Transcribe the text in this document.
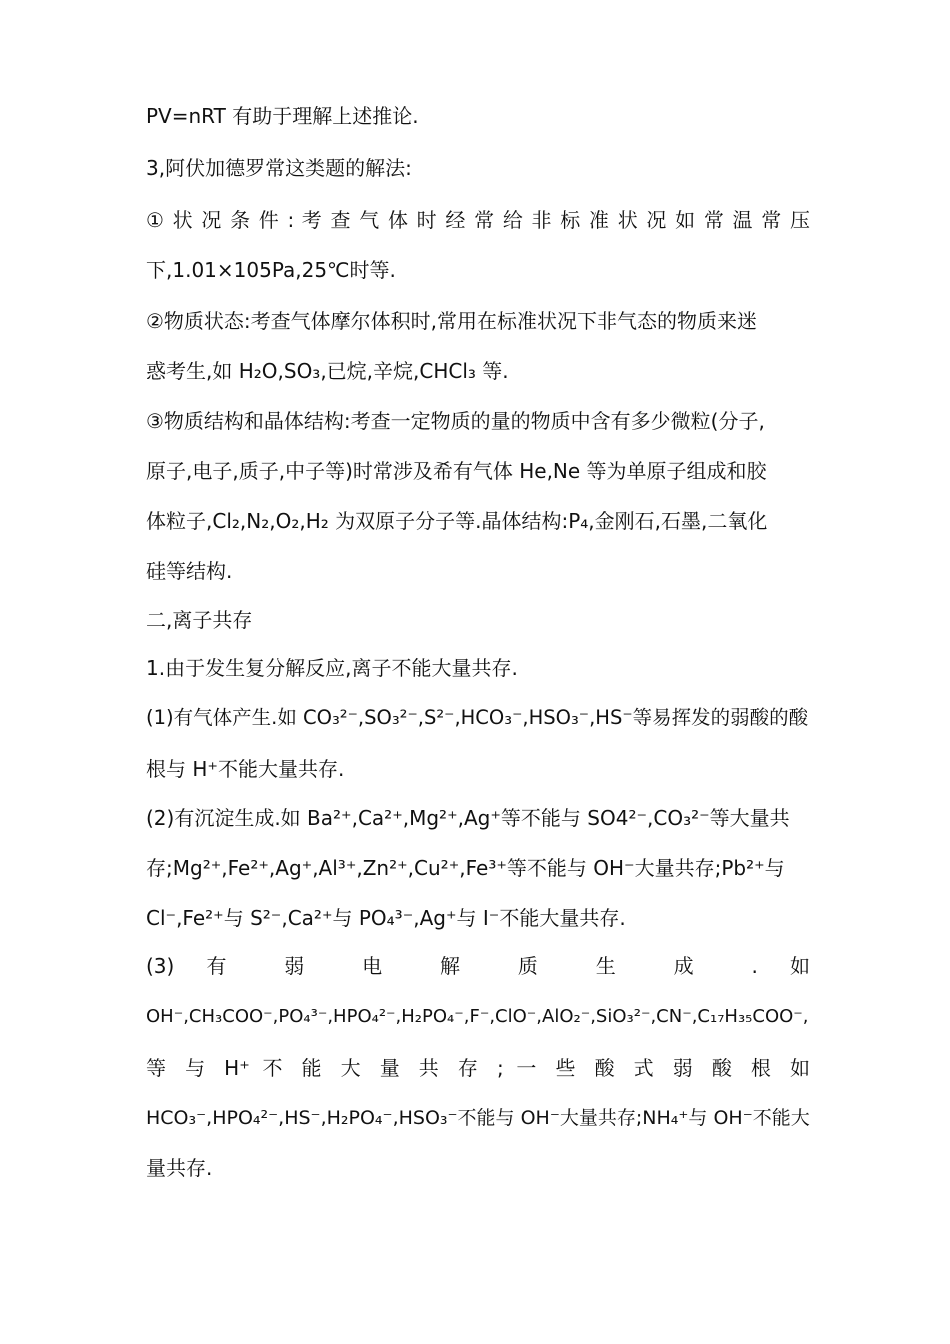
PV=nRT 有助于理解上述推论.
3,阿伏加德罗常这类题的解法:
① 状 况 条 件 : 考 查 气 体 时 经 常 给 非 标 准 状 况 如 常 温 常 压
下,1.01×105Pa,25℃时等.
②物质状态:考查气体摩尔体积时,常用在标准状况下非气态的物质来迷
惑考生,如 H₂O,SO₃,已烷,辛烷,CHCl₃ 等.
③物质结构和晶体结构:考查一定物质的量的物质中含有多少微粒(分子,
原子,电子,质子,中子等)时常涉及希有气体 He,Ne 等为单原子组成和胶
体粒子,Cl₂,N₂,O₂,H₂ 为双原子分子等.晶体结构:P₄,金刚石,石墨,二氧化
硅等结构.
二,离子共存
1.由于发生复分解反应,离子不能大量共存.
(1)有气体产生.如 CO₃²⁻,SO₃²⁻,S²⁻,HCO₃⁻,HSO₃⁻,HS⁻等易挥发的弱酸的酸
根与 H⁺不能大量共存.
(2)有沉淀生成.如 Ba²⁺,Ca²⁺,Mg²⁺,Ag⁺等不能与 SO4²⁻,CO₃²⁻等大量共
存;Mg²⁺,Fe²⁺,Ag⁺,Al³⁺,Zn²⁺,Cu²⁺,Fe³⁺等不能与 OH⁻大量共存;Pb²⁺与
Cl⁻,Fe²⁺与 S²⁻,Ca²⁺与 PO₄³⁻,Ag⁺与 I⁻不能大量共存.
(3) 有 弱 电 解 质 生 成 . 如
OH⁻,CH₃COO⁻,PO₄³⁻,HPO₄²⁻,H₂PO₄⁻,F⁻,ClO⁻,AlO₂⁻,SiO₃²⁻,CN⁻,C₁₇H₃₅COO⁻,
等 与 H⁺ 不 能 大 量 共 存 ; 一 些 酸 式 弱 酸 根 如
HCO₃⁻,HPO₄²⁻,HS⁻,H₂PO₄⁻,HSO₃⁻不能与 OH⁻大量共存;NH₄⁺与 OH⁻不能大
量共存.
